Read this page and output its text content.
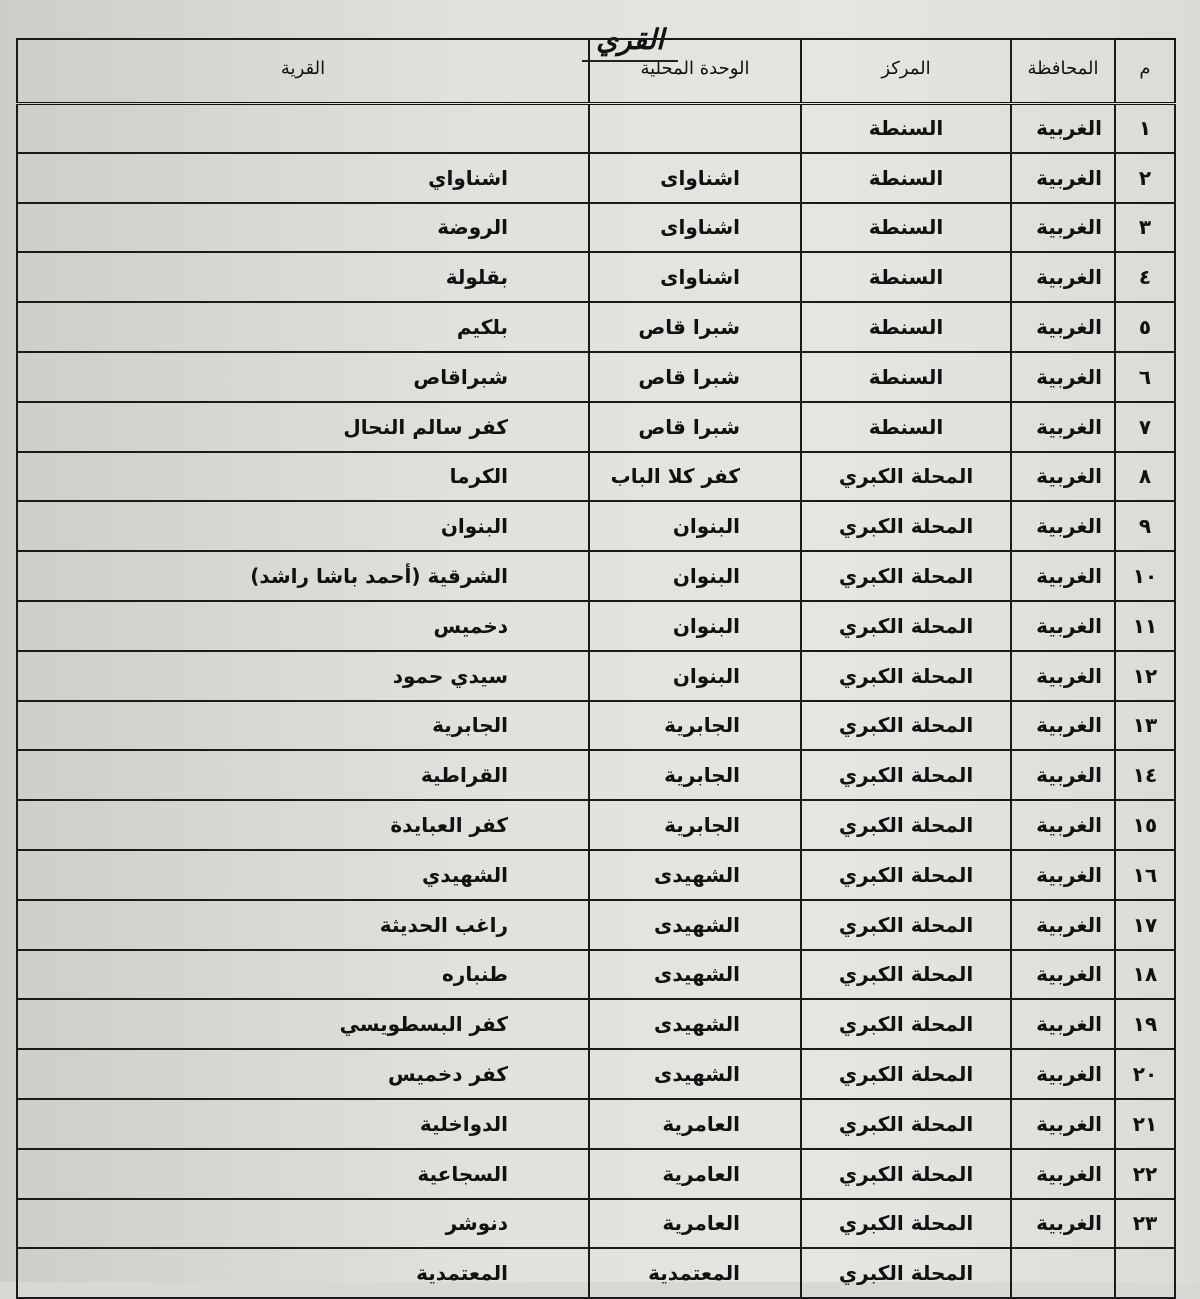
القري
م	المحافظة	المركز	الوحدة المحلية	القرية
١	الغربية	السنطة		
٢	الغربية	السنطة	اشناواى	اشناواي
٣	الغربية	السنطة	اشناواى	الروضة
٤	الغربية	السنطة	اشناواى	بقلولة
٥	الغربية	السنطة	شبرا قاص	بلكيم
٦	الغربية	السنطة	شبرا قاص	شبراقاص
٧	الغربية	السنطة	شبرا قاص	كفر سالم النحال
٨	الغربية	المحلة الكبري	كفر كلا الباب	الكرما
٩	الغربية	المحلة الكبري	البنوان	البنوان
١٠	الغربية	المحلة الكبري	البنوان	الشرقية (أحمد باشا راشد)
١١	الغربية	المحلة الكبري	البنوان	دخميس
١٢	الغربية	المحلة الكبري	البنوان	سيدي حمود
١٣	الغربية	المحلة الكبري	الجابرية	الجابرية
١٤	الغربية	المحلة الكبري	الجابرية	القراطية
١٥	الغربية	المحلة الكبري	الجابرية	كفر العبايدة
١٦	الغربية	المحلة الكبري	الشهيدى	الشهيدي
١٧	الغربية	المحلة الكبري	الشهيدى	راغب الحديثة
١٨	الغربية	المحلة الكبري	الشهيدى	طنباره
١٩	الغربية	المحلة الكبري	الشهيدى	كفر البسطويسي
٢٠	الغربية	المحلة الكبري	الشهيدى	كفر دخميس
٢١	الغربية	المحلة الكبري	العامرية	الدواخلية
٢٢	الغربية	المحلة الكبري	العامرية	السجاعية
٢٣	الغربية	المحلة الكبري	العامرية	دنوشر
		المحلة الكبري	المعتمدية	المعتمدية
